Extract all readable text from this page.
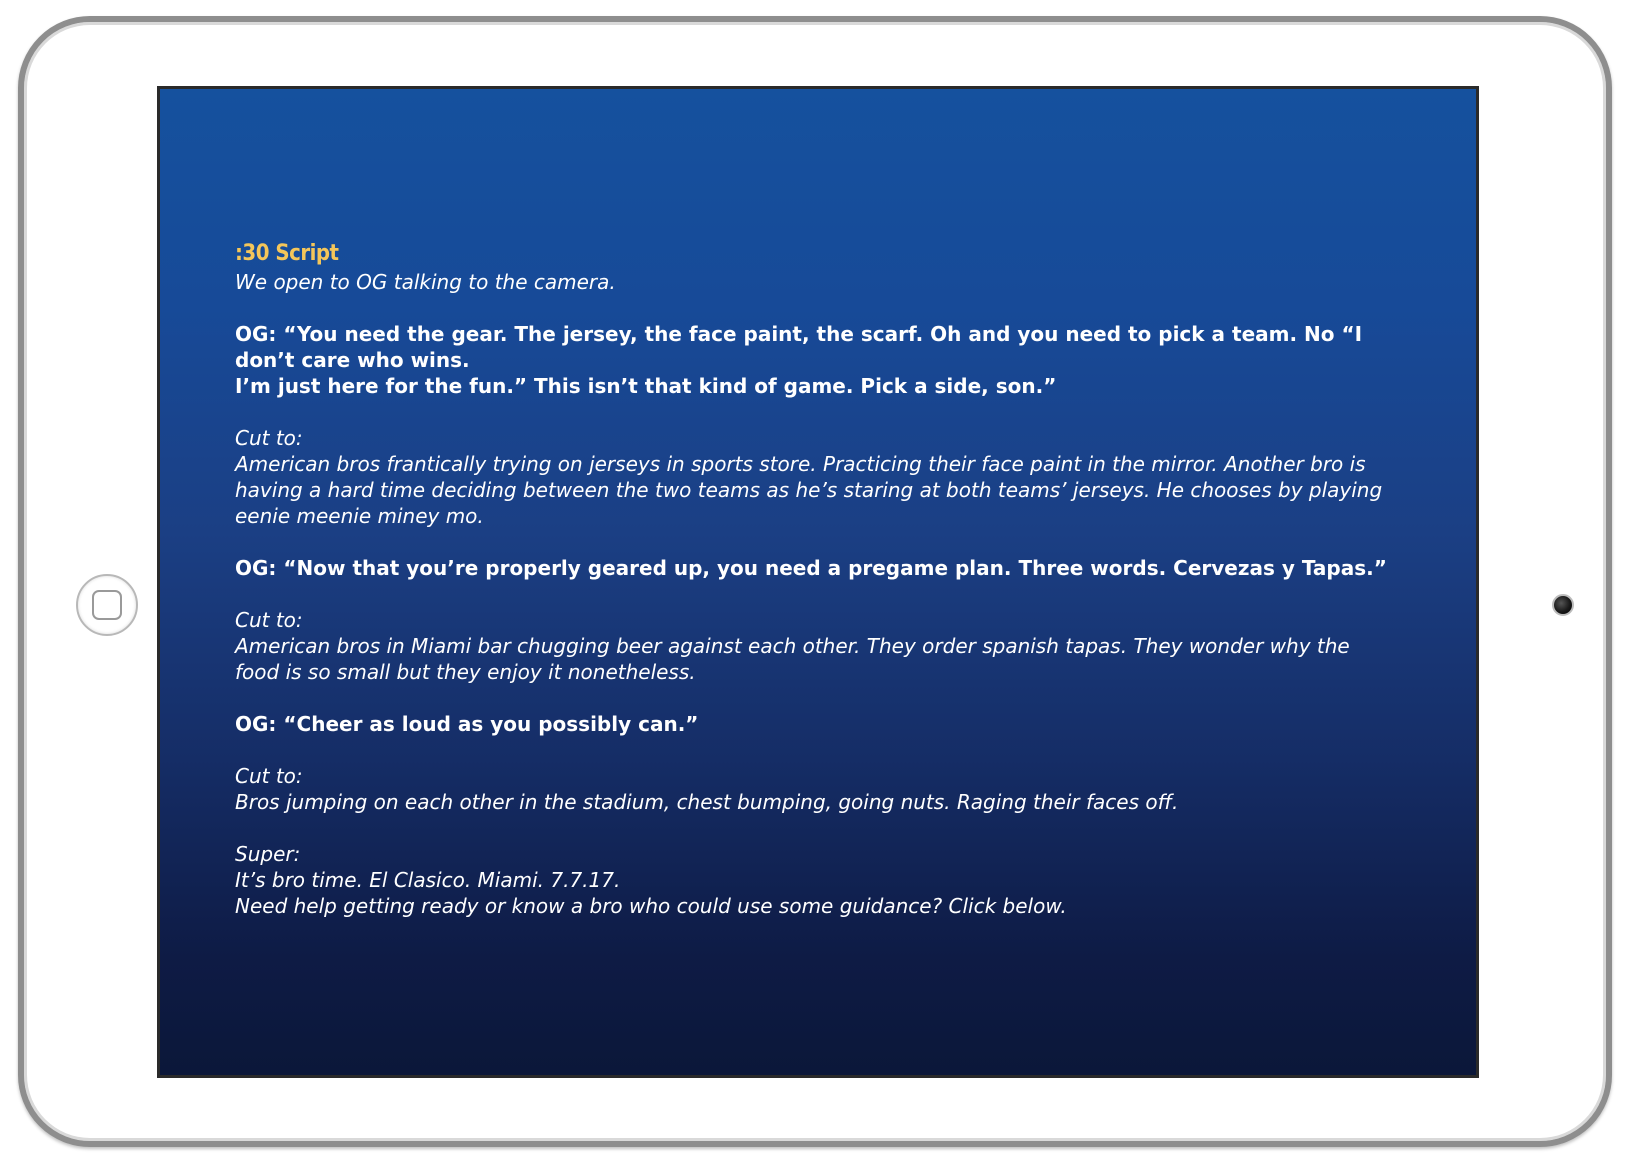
:30 Script
We open to OG talking to the camera.
OG: “You need the gear. The jersey, the face paint, the scarf. Oh and you need to pick a team. No “I don’t care who wins.
I’m just here for the fun.” This isn’t that kind of game. Pick a side, son.”
Cut to:
American bros frantically trying on jerseys in sports store. Practicing their face paint in the mirror. Another bro is having a hard time deciding between the two teams as he’s staring at both teams’ jerseys. He chooses by playing eenie meenie miney mo.
OG: “Now that you’re properly geared up, you need a pregame plan. Three words. Cervezas y Tapas.”
Cut to:
American bros in Miami bar chugging beer against each other. They order spanish tapas. They wonder why the food is so small but they enjoy it nonetheless.
OG: “Cheer as loud as you possibly can.”
Cut to:
Bros jumping on each other in the stadium, chest bumping, going nuts. Raging their faces off.
Super:
It’s bro time. El Clasico. Miami. 7.7.17.
Need help getting ready or know a bro who could use some guidance? Click below.
